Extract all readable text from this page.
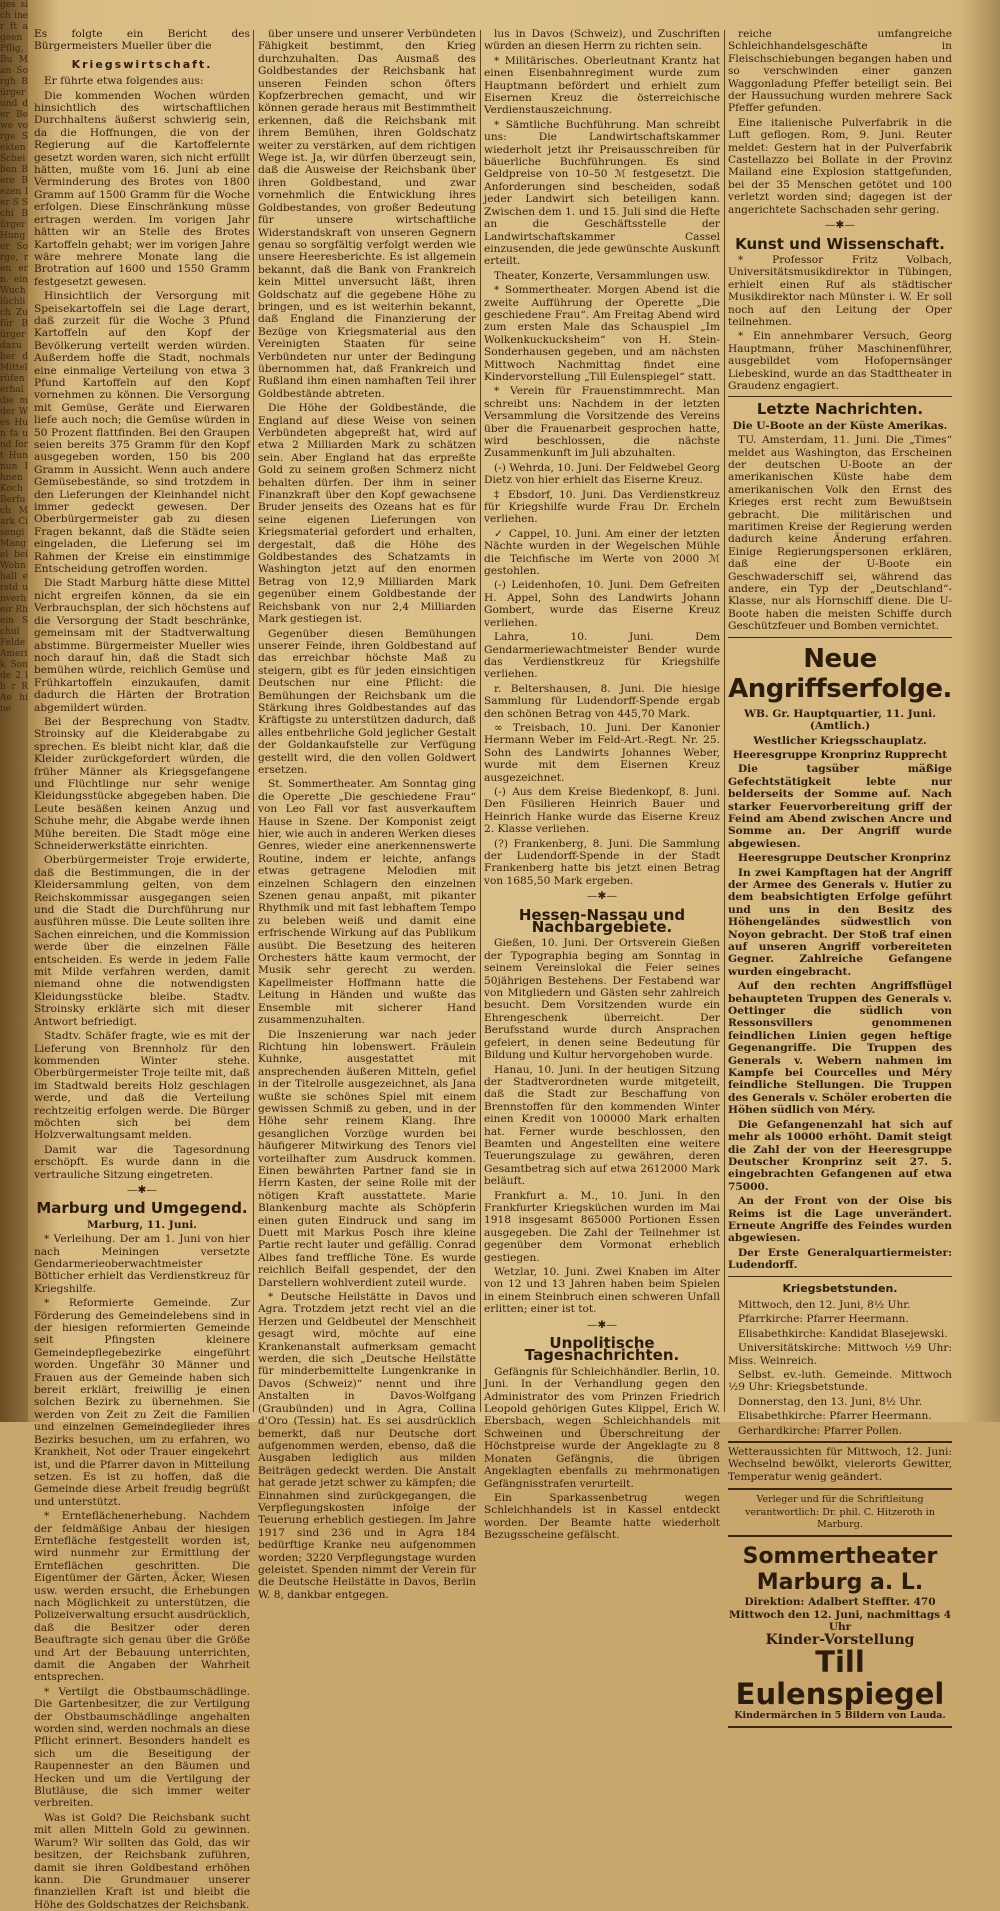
ges sich iner ft ageen Pflig, Bu Man Sorgh Bürger und der Bewe vorge Sekten Scheiben Bere Bezen ler S Schi Bürger Hunger Sorge, ren ern. ein Wuch lüchlich Zu für Bürger dazu ber d Mittel rüfen erhal die m der Wes Hun fa und fort Hun nun Ihnen Koch Berfuch Mark Cisengi Mangel bei Wohnhall erstd unverheir Rhein Schul Felde Amerik Sonde 2 lb r R Ae hine

Es folgte ein Bericht des Bürgermeisters Mueller über die

Kriegswirtschaft.

Er führte etwa folgendes aus:

Die kommenden Wochen würden hinsichtlich des wirtschaftlichen Durchhaltens äußerst schwierig sein, da die Hoffnungen, die von der Regierung auf die Kartoffelernte gesetzt worden waren, sich nicht erfüllt hätten, mußte vom 16. Juni ab eine Verminderung des Brotes von 1800 Gramm auf 1500 Gramm für die Woche erfolgen. Diese Einschränkung müsse ertragen werden. Im vorigen Jahr hätten wir an Stelle des Brotes Kartoffeln gehabt; wer im vorigen Jahre wäre mehrere Monate lang die Brotration auf 1600 und 1550 Gramm festgesetzt gewesen.

Hinsichtlich der Versorgung mit Speisekartoffeln sei die Lage derart, daß zurzeit für die Woche 3 Pfund Kartoffeln auf den Kopf der Bevölkerung verteilt werden würden. Außerdem hoffe die Stadt, nochmals eine einmalige Verteilung von etwa 3 Pfund Kartoffeln auf den Kopf vornehmen zu können. Die Versorgung mit Gemüse, Geräte und Eierwaren liefe auch noch; die Gemüse würden in 50 Prozent flattfinden. Bei den Graupen seien bereits 375 Gramm für den Kopf ausgegeben worden, 150 bis 200 Gramm in Aussicht. Wenn auch andere Gemüsebestände, so sind trotzdem in den Lieferungen der Kleinhandel nicht immer gedeckt gewesen. Der Oberbürgermeister gab zu diesen Fragen bekannt, daß die Städte seien eingeladen, die Lieferung sei im Rahmen der Kreise ein einstimmige Entscheidung getroffen worden.

Die Stadt Marburg hätte diese Mittel nicht ergreifen können, da sie ein Verbrauchsplan, der sich höchstens auf die Versorgung der Stadt beschränke, gemeinsam mit der Stadtverwaltung abstimme. Bürgermeister Mueller wies noch darauf hin, daß die Stadt sich bemühen würde, reichlich Gemüse und Frühkartoffeln einzukaufen, damit dadurch die Härten der Brotration abgemildert würden.

Bei der Besprechung von Stadtv. Stroinsky auf die Kleiderabgabe zu sprechen. Es bleibt nicht klar, daß die Kleider zurückgefordert würden, die früher Männer als Kriegsgefangene und Flüchtlinge nur sehr wenige Kleidungsstücke abgegeben haben. Die Leute besäßen keinen Anzug und Schuhe mehr, die Abgabe werde ihnen Mühe bereiten. Die Stadt möge eine Schneiderwerkstätte einrichten.

Oberbürgermeister Troje erwiderte, daß die Bestimmungen, die in der Kleidersammlung gelten, von dem Reichskommissar ausgegangen seien und die Stadt die Durchführung nur ausführen müsse. Die Leute sollten ihre Sachen einreichen, und die Kommission werde über die einzelnen Fälle entscheiden. Es werde in jedem Falle mit Milde verfahren werden, damit niemand ohne die notwendigsten Kleidungsstücke bleibe. Stadtv. Stroinsky erklärte sich mit dieser Antwort befriedigt.

Stadtv. Schäfer fragte, wie es mit der Lieferung von Brennholz für den kommenden Winter stehe. Oberbürgermeister Troje teilte mit, daß im Stadtwald bereits Holz geschlagen werde, und daß die Verteilung rechtzeitig erfolgen werde. Die Bürger möchten sich bei dem Holzverwaltungsamt melden.

Damit war die Tagesordnung erschöpft. Es wurde dann in die vertrauliche Sitzung eingetreten.

—✱—
Marburg und Umgegend.

Marburg, 11. Juni.

* Verleihung. Der am 1. Juni von hier nach Meiningen versetzte Gendarmerieoberwachtmeister Bötticher erhielt das Verdienstkreuz für Kriegshilfe.

* Reformierte Gemeinde. Zur Förderung des Gemeindelebens sind in der hiesigen reformierten Gemeinde seit Pfingsten kleinere Gemeindepflegebezirke eingeführt worden. Ungefähr 30 Männer und Frauen aus der Gemeinde haben sich bereit erklärt, freiwillig je einen solchen Bezirk zu übernehmen. Sie werden von Zeit zu Zeit die Familien und einzelnen Gemeindeglieder ihres Bezirks besuchen, um zu erfahren, wo Krankheit, Not oder Trauer eingekehrt ist, und die Pfarrer davon in Mitteilung setzen. Es ist zu hoffen, daß die Gemeinde diese Arbeit freudig begrüßt und unterstützt.

* Ernteflächenerhebung. Nachdem der feldmäßige Anbau der hiesigen Erntefläche festgestellt worden ist, wird nunmehr zur Ermittlung der Ernteflächen geschritten. Die Eigentümer der Gärten, Äcker, Wiesen usw. werden ersucht, die Erhebungen nach Möglichkeit zu unterstützen, die Polizeiverwaltung ersucht ausdrücklich, daß die Besitzer oder deren Beauftragte sich genau über die Größe und Art der Bebauung unterrichten, damit die Angaben der Wahrheit entsprechen.

* Vertilgt die Obstbaumschädlinge. Die Gartenbesitzer, die zur Vertilgung der Obstbaumschädlinge angehalten worden sind, werden nochmals an diese Pflicht erinnert. Besonders handelt es sich um die Beseitigung der Raupennester an den Bäumen und Hecken und um die Vertilgung der Blutläuse, die sich immer weiter verbreiten.

Was ist Gold? Die Reichsbank sucht mit allen Mitteln Gold zu gewinnen. Warum? Wir sollten das Gold, das wir besitzen, der Reichsbank zuführen, damit sie ihren Goldbestand erhöhen kann. Die Grundmauer unserer finanziellen Kraft ist und bleibt die Höhe des Goldschatzes der Reichsbank.

über unsere und unserer Verbündeten Fähigkeit bestimmt, den Krieg durchzuhalten. Das Ausmaß des Goldbestandes der Reichsbank hat unseren Feinden schon öfters Kopfzerbrechen gemacht, und wir können gerade heraus mit Bestimmtheit erkennen, daß die Reichsbank mit ihrem Bemühen, ihren Goldschatz weiter zu verstärken, auf dem richtigen Wege ist. Ja, wir dürfen überzeugt sein, daß die Ausweise der Reichsbank über ihren Goldbestand, und zwar vornehmlich die Entwicklung ihres Goldbestandes, von großer Bedeutung für unsere wirtschaftliche Widerstandskraft von unseren Gegnern genau so sorgfältig verfolgt werden wie unsere Heeresberichte. Es ist allgemein bekannt, daß die Bank von Frankreich kein Mittel unversucht läßt, ihren Goldschatz auf die gegebene Höhe zu bringen, und es ist weiterhin bekannt, daß England die Finanzierung der Bezüge von Kriegsmaterial aus den Vereinigten Staaten für seine Verbündeten nur unter der Bedingung übernommen hat, daß Frankreich und Rußland ihm einen namhaften Teil ihrer Goldbestände abtreten.

Die Höhe der Goldbestände, die England auf diese Weise von seinen Verbündeten abgepreßt hat, wird auf etwa 2 Milliarden Mark zu schätzen sein. Aber England hat das erpreßte Gold zu seinem großen Schmerz nicht behalten dürfen. Der ihm in seiner Finanzkraft über den Kopf gewachsene Bruder jenseits des Ozeans hat es für seine eigenen Lieferungen von Kriegsmaterial gefordert und erhalten, dergestalt, daß die Höhe des Goldbestandes des Schatzamts in Washington jetzt auf den enormen Betrag von 12,9 Milliarden Mark gegenüber einem Goldbestande der Reichsbank von nur 2,4 Milliarden Mark gestiegen ist.

Gegenüber diesen Bemühungen unserer Feinde, ihren Goldbestand auf das erreichbar höchste Maß zu steigern, gibt es für jeden einsichtigen Deutschen nur eine Pflicht: die Bemühungen der Reichsbank um die Stärkung ihres Goldbestandes auf das Kräftigste zu unterstützen dadurch, daß alles entbehrliche Gold jeglicher Gestalt der Goldankaufstelle zur Verfügung gestellt wird, die den vollen Goldwert ersetzen.

St. Sommertheater. Am Sonntag ging die Operette „Die geschiedene Frau“ von Leo Fall vor fast ausverkauftem Hause in Szene. Der Komponist zeigt hier, wie auch in anderen Werken dieses Genres, wieder eine anerkennenswerte Routine, indem er leichte, anfangs etwas getragene Melodien mit einzelnen Schlagern den einzelnen Szenen genau anpaßt, mit pikanter Rhythmik und mit fast lebhaftem Tempo zu beleben weiß und damit eine erfrischende Wirkung auf das Publikum ausübt. Die Besetzung des heiteren Orchesters hätte kaum vermocht, der Musik sehr gerecht zu werden. Kapellmeister Hoffmann hatte die Leitung in Händen und wußte das Ensemble mit sicherer Hand zusammenzuhalten.

Die Inszenierung war nach jeder Richtung hin lobenswert. Fräulein Kuhnke, ausgestattet mit ansprechenden äußeren Mitteln, gefiel in der Titelrolle ausgezeichnet, als Jana wußte sie schönes Spiel mit einem gewissen Schmiß zu geben, und in der Höhe sehr reinem Klang. Ihre gesanglichen Vorzüge wurden bei häufigerer Mitwirkung des Tenors viel vorteilhafter zum Ausdruck kommen. Einen bewährten Partner fand sie in Herrn Kasten, der seine Rolle mit der nötigen Kraft ausstattete. Marie Blankenburg machte als Schöpferin einen guten Eindruck und sang im Duett mit Markus Posch ihre kleine Partie recht lauter und gefällig. Conrad Albes fand treffliche Töne. Es wurde reichlich Beifall gespendet, der den Darstellern wohlverdient zuteil wurde.

* Deutsche Heilstätte in Davos und Agra. Trotzdem jetzt recht viel an die Herzen und Geldbeutel der Menschheit gesagt wird, möchte auf eine Krankenanstalt aufmerksam gemacht werden, die sich „Deutsche Heilstätte für minderbemittelte Lungenkranke in Davos (Schweiz)“ nennt und ihre Anstalten in Davos-Wolfgang (Graubünden) und in Agra, Collina d'Oro (Tessin) hat. Es sei ausdrücklich bemerkt, daß nur Deutsche dort aufgenommen werden, ebenso, daß die Ausgaben lediglich aus milden Beiträgen gedeckt werden. Die Anstalt hat gerade jetzt schwer zu kämpfen; die Einnahmen sind zurückgegangen, die Verpflegungskosten infolge der Teuerung erheblich gestiegen. Im Jahre 1917 sind 236 und in Agra 184 bedürftige Kranke neu aufgenommen worden; 3220 Verpflegungstage wurden geleistet. Spenden nimmt der Verein für die Deutsche Heilstätte in Davos, Berlin W. 8, dankbar entgegen.

lus in Davos (Schweiz), und Zuschriften würden an diesen Herrn zu richten sein.

* Militärisches. Oberleutnant Krantz hat einen Eisenbahnregiment wurde zum Hauptmann befördert und erhielt zum Eisernen Kreuz die österreichische Verdienstauszeichnung.

* Sämtliche Buchführung. Man schreibt uns: Die Landwirtschaftskammer wiederholt jetzt ihr Preisausschreiben für bäuerliche Buchführungen. Es sind Geldpreise von 10–50 ℳ festgesetzt. Die Anforderungen sind bescheiden, sodaß jeder Landwirt sich beteiligen kann. Zwischen dem 1. und 15. Juli sind die Hefte an die Geschäftsstelle der Landwirtschaftskammer Cassel einzusenden, die jede gewünschte Auskunft erteilt.

Theater, Konzerte, Versammlungen usw.

* Sommertheater. Morgen Abend ist die zweite Aufführung der Operette „Die geschiedene Frau“. Am Freitag Abend wird zum ersten Male das Schauspiel „Im Wolkenkuckucksheim“ von H. Stein-Sonderhausen gegeben, und am nächsten Mittwoch Nachmittag findet eine Kindervorstellung „Till Eulenspiegel“ statt.

* Verein für Frauenstimmrecht. Man schreibt uns: Nachdem in der letzten Versammlung die Vorsitzende des Vereins über die Frauenarbeit gesprochen hatte, wird beschlossen, die nächste Zusammenkunft im Juli abzuhalten.

(-) Wehrda, 10. Juni. Der Feldwebel Georg Dietz von hier erhielt das Eiserne Kreuz.

‡ Ebsdorf, 10. Juni. Das Verdienstkreuz für Kriegshilfe wurde Frau Dr. Ercheln verliehen.

✓ Cappel, 10. Juni. Am einer der letzten Nächte wurden in der Wegelschen Mühle die Teichfische im Werte von 2000 ℳ gestohlen.

(-) Leidenhofen, 10. Juni. Dem Gefreiten H. Appel, Sohn des Landwirts Johann Gombert, wurde das Eiserne Kreuz verliehen.

Lahrа, 10. Juni. Dem Gendarmeriewachtmeister Bender wurde das Verdienstkreuz für Kriegshilfe verliehen.

r. Beltershausen, 8. Juni. Die hiesige Sammlung für Ludendorff-Spende ergab den schönen Betrag von 445,70 Mark.

∞ Treisbach, 10. Juni. Der Kanonier Hermann Weber im Feld-Art.-Regt. Nr. 25. Sohn des Landwirts Johannes Weber, wurde mit dem Eisernen Kreuz ausgezeichnet.

(-) Aus dem Kreise Biedenkopf, 8. Juni. Den Füsilieren Heinrich Bauer und Heinrich Hanke wurde das Eiserne Kreuz 2. Klasse verliehen.

(?) Frankenberg, 8. Juni. Die Sammlung der Ludendorff-Spende in der Stadt Frankenberg hatte bis jetzt einen Betrag von 1685,50 Mark ergeben.

—✱—
Hessen-Nassau und Nachbargebiete.

Gießen, 10. Juni. Der Ortsverein Gießen der Typographia beging am Sonntag in seinem Vereinslokal die Feier seines 50jährigen Bestehens. Der Festabend war von Mitgliedern und Gästen sehr zahlreich besucht. Dem Vorsitzenden wurde ein Ehrengeschenk überreicht. Der Berufsstand wurde durch Ansprachen gefeiert, in denen seine Bedeutung für Bildung und Kultur hervorgehoben wurde.

Hanau, 10. Juni. In der heutigen Sitzung der Stadtverordneten wurde mitgeteilt, daß die Stadt zur Beschaffung von Brennstoffen für den kommenden Winter einen Kredit von 100000 Mark erhalten hat. Ferner wurde beschlossen, den Beamten und Angestellten eine weitere Teuerungszulage zu gewähren, deren Gesamtbetrag sich auf etwa 2612000 Mark beläuft.

Frankfurt a. M., 10. Juni. In den Frankfurter Kriegsküchen wurden im Mai 1918 insgesamt 865000 Portionen Essen ausgegeben. Die Zahl der Teilnehmer ist gegenüber dem Vormonat erheblich gestiegen.

Wetzlar, 10. Juni. Zwei Knaben im Alter von 12 und 13 Jahren haben beim Spielen in einem Steinbruch einen schweren Unfall erlitten; einer ist tot.

—✱—
Unpolitische Tagesnachrichten.

Gefängnis für Schleichhändler. Berlin, 10. Juni. In der Verhandlung gegen den Administrator des vom Prinzen Friedrich Leopold gehörigen Gutes Klippel, Erich W. Ebersbach, wegen Schleichhandels mit Schweinen und Überschreitung der Höchstpreise wurde der Angeklagte zu 8 Monaten Gefängnis, die übrigen Angeklagten ebenfalls zu mehrmonatigen Gefängnisstrafen verurteilt.

Ein Sparkassenbetrug wegen Schleichhandels ist in Kassel entdeckt worden. Der Beamte hatte wiederholt Bezugsscheine gefälscht.

reiche umfangreiche Schleichhandelsgeschäfte in Fleischschiebungen begangen haben und so verschwinden einer ganzen Waggonladung Pfeffer beteiligt sein. Bei der Haussuchung wurden mehrere Sack Pfeffer gefunden.

Eine italienische Pulverfabrik in die Luft geflogen. Rom, 9. Juni. Reuter meldet: Gestern hat in der Pulverfabrik Castellazzo bei Bollate in der Provinz Mailand eine Explosion stattgefunden, bei der 35 Menschen getötet und 100 verletzt worden sind; dagegen ist der angerichtete Sachschaden sehr gering.

—✱—
Kunst und Wissenschaft.

* Professor Fritz Volbach, Universitätsmusikdirektor in Tübingen, erhielt einen Ruf als städtischer Musikdirektor nach Münster i. W. Er soll noch auf den Leitung der Oper teilnehmen.

* Ein annehmbarer Versuch, Georg Hauptmann, früher Maschinenführer, ausgebildet vom Hofopernsänger Liebeskind, wurde an das Stadttheater in Graudenz engagiert.

Letzte Nachrichten.

Die U-Boote an der Küste Amerikas.

TU. Amsterdam, 11. Juni. Die „Times“ meldet aus Washington, das Erscheinen der deutschen U-Boote an der amerikanischen Küste habe dem amerikanischen Volk den Ernst des Krieges erst recht zum Bewußtsein gebracht. Die militärischen und maritimen Kreise der Regierung werden dadurch keine Änderung erfahren. Einige Regierungspersonen erklären, daß eine der U-Boote ein Geschwaderschiff sei, während das andere, ein Typ der „Deutschland“-Klasse, nur als Hornschiff diene. Die U-Boote haben die meisten Schiffe durch Geschützfeuer und Bomben vernichtet.

Neue Angriffserfolge.

WB. Gr. Hauptquartier, 11. Juni. (Amtlich.)

Westlicher Kriegsschauplatz.

Heeresgruppe Kronprinz Rupprecht

Die tagsüber mäßige Gefechtstätigkeit lebte nur belderseits der Somme auf. Nach starker Feuervorbereitung griff der Feind am Abend zwischen Ancre und Somme an. Der Angriff wurde abgewiesen.

Heeresgruppe Deutscher Kronprinz

In zwei Kampftagen hat der Angriff der Armee des Generals v. Hutier zu dem beabsichtigten Erfolge geführt und uns in den Besitz des Höhengeländes südwestlich von Noyon gebracht. Der Stoß traf einen auf unseren Angriff vorbereiteten Gegner. Zahlreiche Gefangene wurden eingebracht.

Auf den rechten Angriffsflügel behaupteten Truppen des Generals v. Oettinger die südlich von Ressonsvillers genommenen feindlichen Linien gegen heftige Gegenangriffe. Die Truppen des Generals v. Webern nahmen im Kampfe bei Courcelles und Méry feindliche Stellungen. Die Truppen des Generals v. Schöler eroberten die Höhen südlich von Méry.

Die Gefangenenzahl hat sich auf mehr als 10000 erhöht. Damit steigt die Zahl der von der Heeresgruppe Deutscher Kronprinz seit 27. 5. eingebrachten Gefangenen auf etwa 75000.

An der Front von der Oise bis Reims ist die Lage unverändert. Erneute Angriffe des Feindes wurden abgewiesen.

Der Erste Generalquartiermeister: Ludendorff.

Kriegsbetstunden.

Mittwoch, den 12. Juni, 8½ Uhr.

Pfarrkirche: Pfarrer Heermann.

Elisabethkirche: Kandidat Blasejewski.

Universitätskirche: Mittwoch ½9 Uhr: Miss. Weinreich.

Selbst. ev.-luth. Gemeinde. Mittwoch ½9 Uhr: Kriegsbetstunde.

Donnerstag, den 13. Juni, 8½ Uhr.

Elisabethkirche: Pfarrer Heermann.

Gerhardkirche: Pfarrer Pollen.

Wetteraussichten für Mittwoch, 12. Juni: Wechselnd bewölkt, vielerorts Gewitter, Temperatur wenig geändert.

Verleger und für die Schriftleitung verantwortlich: Dr. phil. C. Hitzeroth in Marburg.

Sommertheater Marburg a. L.
Direktion: Adalbert Steffter. 470
Mittwoch den 12. Juni, nachmittags 4 Uhr
Kinder-Vorstellung
Till Eulenspiegel
Kindermärchen in 5 Bildern von Lauda.
